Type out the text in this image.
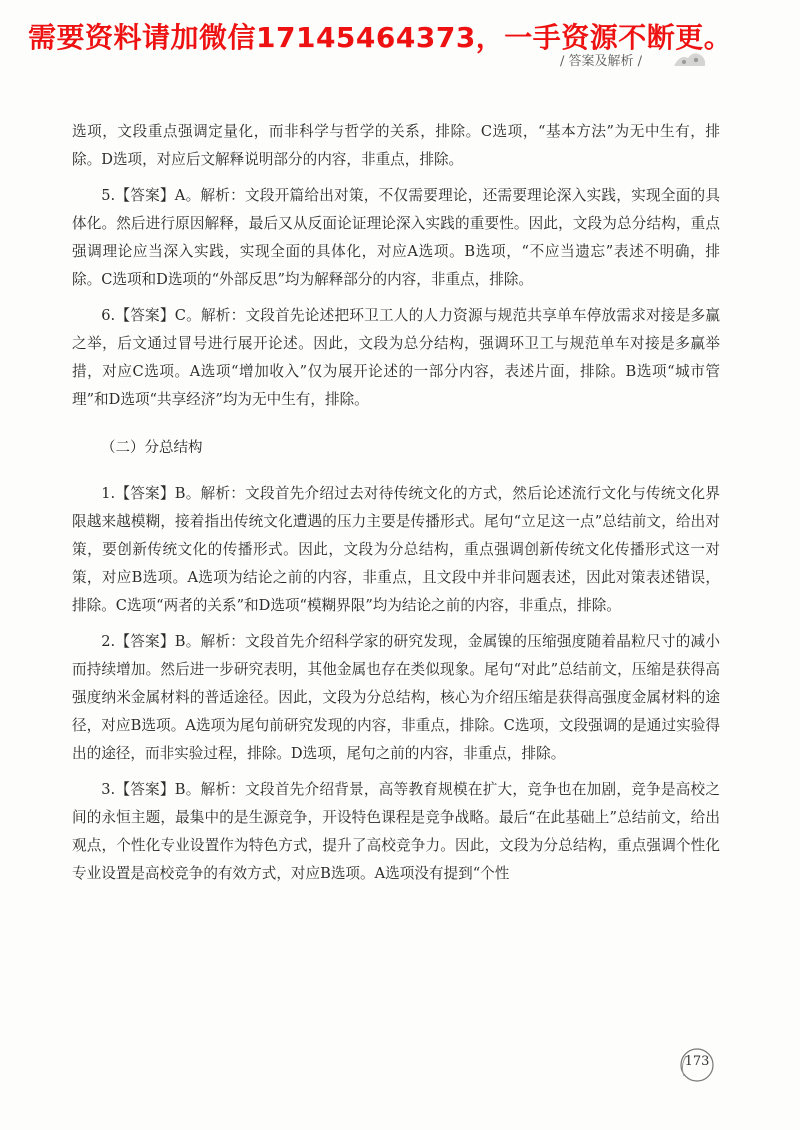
需要资料请加微信17145464373，一手资源不断更。
/ 答案及解析 /

选项，文段重点强调定量化，而非科学与哲学的关系，排除。C选项，“基本方法”为无中生有，排除。D选项，对应后文解释说明部分的内容，非重点，排除。

5.【答案】A。解析：文段开篇给出对策，不仅需要理论，还需要理论深入实践，实现全面的具体化。然后进行原因解释，最后又从反面论证理论深入实践的重要性。因此，文段为总分结构，重点强调理论应当深入实践，实现全面的具体化，对应A选项。B选项，“不应当遗忘”表述不明确，排除。C选项和D选项的“外部反思”均为解释部分的内容，非重点，排除。

6.【答案】C。解析：文段首先论述把环卫工人的人力资源与规范共享单车停放需求对接是多赢之举，后文通过冒号进行展开论述。因此，文段为总分结构，强调环卫工与规范单车对接是多赢举措，对应C选项。A选项“增加收入”仅为展开论述的一部分内容，表述片面，排除。B选项“城市管理”和D选项“共享经济”均为无中生有，排除。

（二）分总结构

1.【答案】B。解析：文段首先介绍过去对待传统文化的方式，然后论述流行文化与传统文化界限越来越模糊，接着指出传统文化遭遇的压力主要是传播形式。尾句“立足这一点”总结前文，给出对策，要创新传统文化的传播形式。因此，文段为分总结构，重点强调创新传统文化传播形式这一对策，对应B选项。A选项为结论之前的内容，非重点，且文段中并非问题表述，因此对策表述错误，排除。C选项“两者的关系”和D选项“模糊界限”均为结论之前的内容，非重点，排除。

2.【答案】B。解析：文段首先介绍科学家的研究发现，金属镍的压缩强度随着晶粒尺寸的减小而持续增加。然后进一步研究表明，其他金属也存在类似现象。尾句“对此”总结前文，压缩是获得高强度纳米金属材料的普适途径。因此，文段为分总结构，核心为介绍压缩是获得高强度金属材料的途径，对应B选项。A选项为尾句前研究发现的内容，非重点，排除。C选项，文段强调的是通过实验得出的途径，而非实验过程，排除。D选项，尾句之前的内容，非重点，排除。

3.【答案】B。解析：文段首先介绍背景，高等教育规模在扩大，竞争也在加剧，竞争是高校之间的永恒主题，最集中的是生源竞争，开设特色课程是竞争战略。最后“在此基础上”总结前文，给出观点，个性化专业设置作为特色方式，提升了高校竞争力。因此，文段为分总结构，重点强调个性化专业设置是高校竞争的有效方式，对应B选项。A选项没有提到“个性

173
